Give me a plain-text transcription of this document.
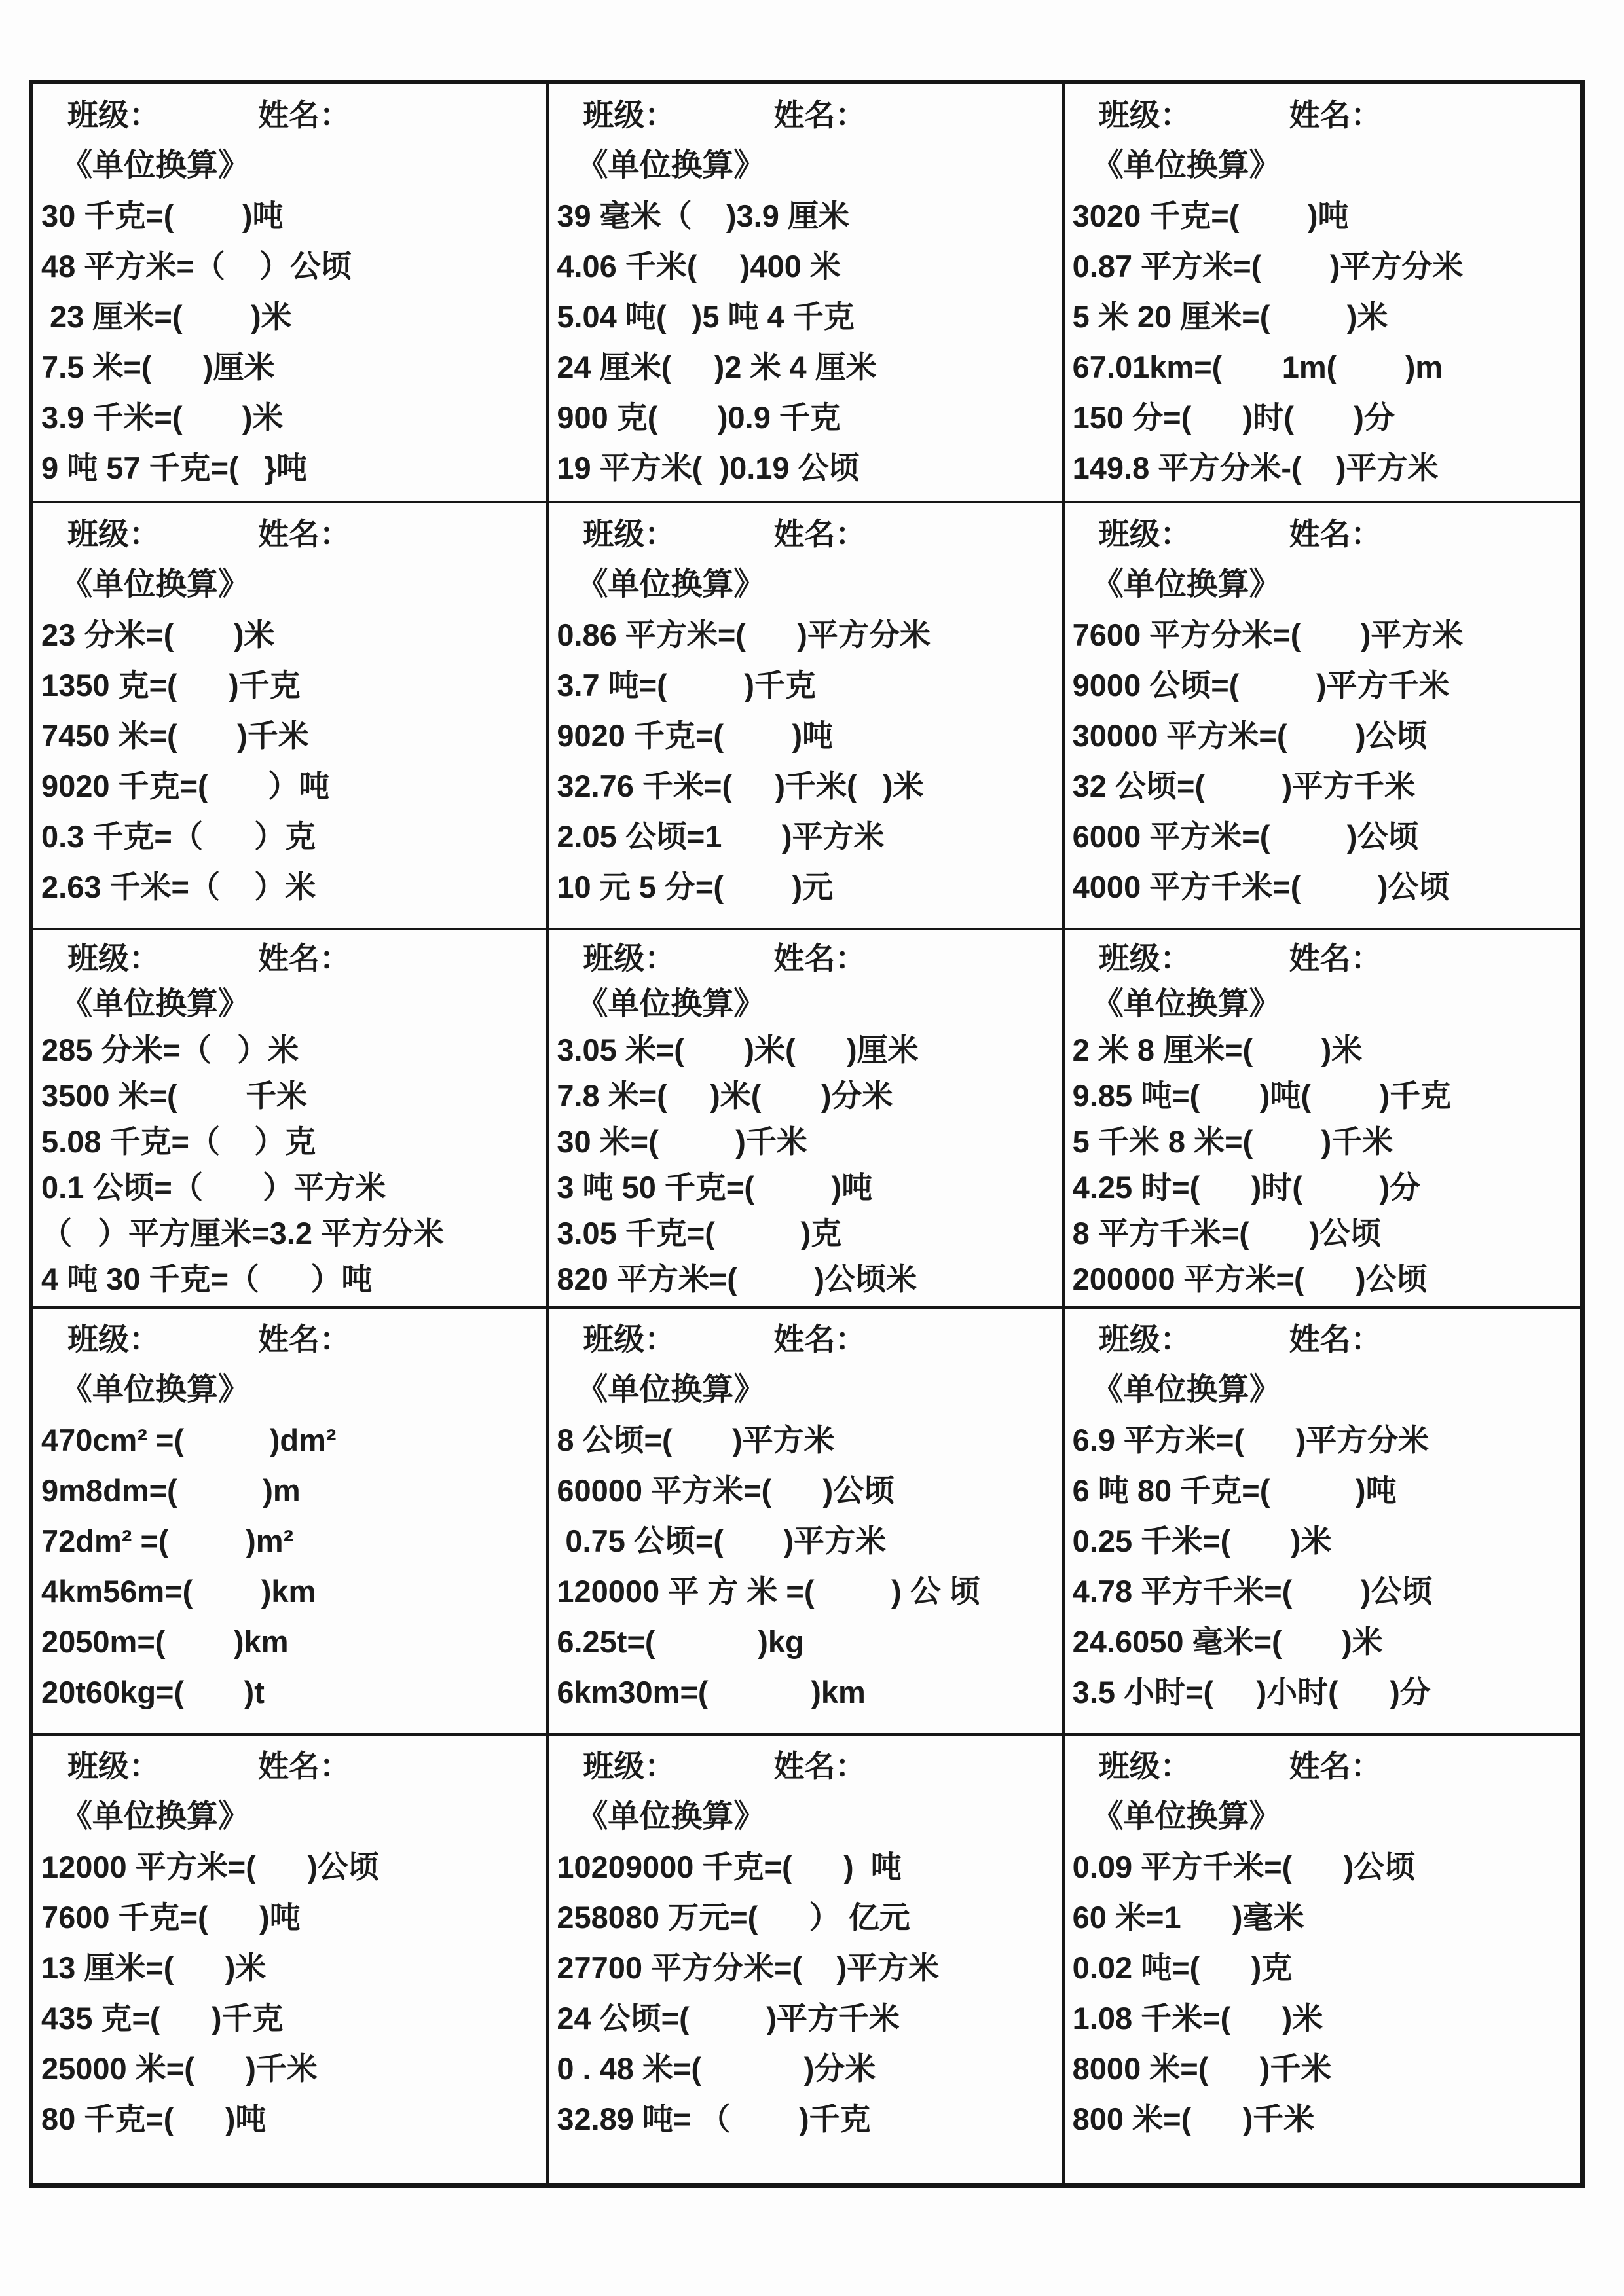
班级：	姓名：
《单位换算》
30 千克=(        )吨
48 平方米=（    ）公顷
23 厘米=(        )米
7.5 米=(      )厘米
3.9 千米=(       )米
9 吨 57 千克=(   }吨
班级：	姓名：
《单位换算》
39 毫米（    )3.9 厘米
4.06 千米(     )400 米
5.04 吨(   )5 吨 4 千克
24 厘米(     )2 米 4 厘米
900 克(       )0.9 千克
19 平方米(  )0.19 公顷
班级：	姓名：
《单位换算》
3020 千克=(        )吨
0.87 平方米=(        )平方分米
5 米 20 厘米=(         )米
67.01km=(       1m(        )m
150 分=(      )时(       )分
149.8 平方分米-(    )平方米
班级：	姓名：
《单位换算》
23 分米=(       )米
1350 克=(      )千克
7450 米=(       )千米
9020 千克=(       ）吨
0.3 千克=（      ）克
2.63 千米=（    ）米
班级：	姓名：
《单位换算》
0.86 平方米=(      )平方分米
3.7 吨=(         )千克
9020 千克=(        )吨
32.76 千米=(     )千米(   )米
2.05 公顷=1       )平方米
10 元 5 分=(        )元
班级：	姓名：
《单位换算》
7600 平方分米=(       )平方米
9000 公顷=(         )平方千米
30000 平方米=(        )公顷
32 公顷=(         )平方千米
6000 平方米=(         )公顷
4000 平方千米=(         )公顷
班级：	姓名：
《单位换算》
285 分米=（   ）米
3500 米=(        千米
5.08 千克=（    ）克
0.1 公顷=（       ）平方米
（   ）平方厘米=3.2 平方分米
4 吨 30 千克=（      ）吨
班级：	姓名：
《单位换算》
3.05 米=(       )米(      )厘米
7.8 米=(     )米(       )分米
30 米=(         )千米
3 吨 50 千克=(         )吨
3.05 千克=(          )克
820 平方米=(         )公顷米
班级：	姓名：
《单位换算》
2 米 8 厘米=(        )米
9.85 吨=(       )吨(        )千克
5 千米 8 米=(        )千米
4.25 时=(      )时(         )分
8 平方千米=(       )公顷
200000 平方米=(      )公顷
班级：	姓名：
《单位换算》
470cm² =(          )dm²
9m8dm=(          )m
72dm² =(         )m²
4km56m=(        )km
2050m=(        )km
20t60kg=(       )t
班级：	姓名：
《单位换算》
8 公顷=(       )平方米
60000 平方米=(      )公顷
0.75 公顷=(       )平方米
120000 平 方 米 =(         ) 公 顷
6.25t=(            )kg
6km30m=(            )km
班级：	姓名：
《单位换算》
6.9 平方米=(      )平方分米
6 吨 80 千克=(          )吨
0.25 千米=(       )米
4.78 平方千米=(        )公顷
24.6050 毫米=(       )米
3.5 小时=(     )小时(      )分
班级：	姓名：
《单位换算》
12000 平方米=(      )公顷
7600 千克=(      )吨
13 厘米=(      )米
435 克=(      )千克
25000 米=(      )千米
80 千克=(      )吨
班级：	姓名：
《单位换算》
10209000 千克=(      )  吨
258080 万元=(      ） 亿元
27700 平方分米=(    )平方米
24 公顷=(         )平方千米
0 . 48 米=(            )分米
32.89 吨= （        )千克
班级：	姓名：
《单位换算》
0.09 平方千米=(      )公顷
60 米=1      )毫米
0.02 吨=(      )克
1.08 千米=(      )米
8000 米=(      )千米
800 米=(      )千米
